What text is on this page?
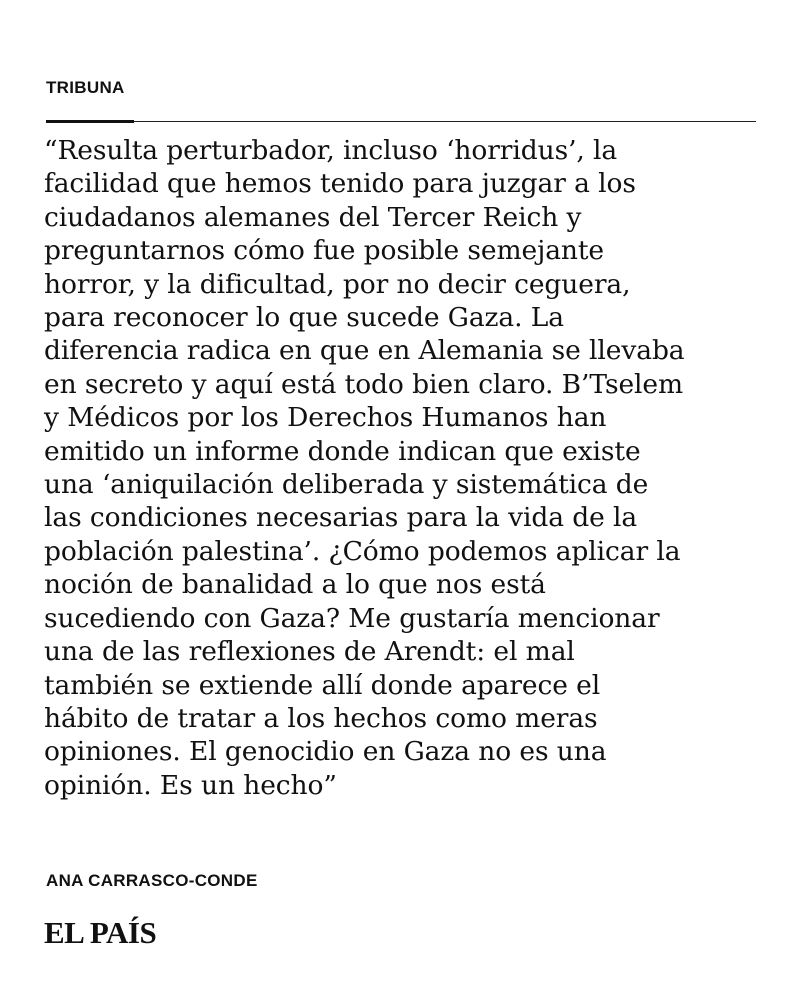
TRIBUNA
“Resulta perturbador, incluso ‘horridus’, la
facilidad que hemos tenido para juzgar a los
ciudadanos alemanes del Tercer Reich y
preguntarnos cómo fue posible semejante
horror, y la dificultad, por no decir ceguera,
para reconocer lo que sucede Gaza. La
diferencia radica en que en Alemania se llevaba
en secreto y aquí está todo bien claro. B’Tselem
y Médicos por los Derechos Humanos han
emitido un informe donde indican que existe
una ‘aniquilación deliberada y sistemática de
las condiciones necesarias para la vida de la
población palestina’. ¿Cómo podemos aplicar la
noción de banalidad a lo que nos está
sucediendo con Gaza? Me gustaría mencionar
una de las reflexiones de Arendt: el mal
también se extiende allí donde aparece el
hábito de tratar a los hechos como meras
opiniones. El genocidio en Gaza no es una
opinión. Es un hecho”

ANA CARRASCO-CONDE

EL PAÍS
